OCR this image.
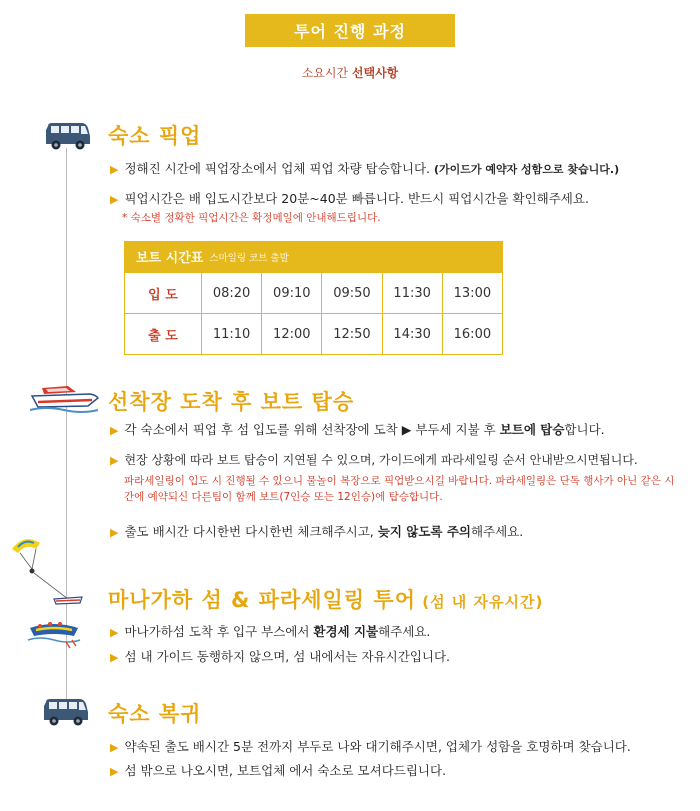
투어 진행 과정
소요시간 선택사항
숙소 픽업
▶ 정해진 시간에 픽업장소에서 업체 픽업 차량 탑승합니다. (가이드가 예약자 성함으로 찾습니다.)
▶ 픽업시간은 배 입도시간보다 20분~40분 빠릅니다. 반드시 픽업시간을 확인해주세요.
* 숙소별 정확한 픽업시간은 확정메일에 안내해드립니다.
보트 시간표 스마일링 코브 출발
입 도	08:20	09:10	09:50	11:30	13:00
출 도	11:10	12:00	12:50	14:30	16:00
선착장 도착 후 보트 탑승
▶ 각 숙소에서 픽업 후 섬 입도를 위해 선착장에 도착 ▶ 부두세 지불 후 보트에 탑승합니다.
▶ 현장 상황에 따라 보트 탑승이 지연될 수 있으며, 가이드에게 파라세일링 순서 안내받으시면됩니다.
파라세일링이 입도 시 진행될 수 있으니 물놀이 복장으로 픽업받으시길 바랍니다. 파라세일링은 단독 행사가 아닌 같은 시간에 예약되신 다른팀이 함께 보트(7인승 또는 12인승)에 탑승합니다.
▶ 출도 배시간 다시한번 다시한번 체크해주시고, 늦지 않도록 주의해주세요.
마나가하 섬 & 파라세일링 투어 (섬 내 자유시간)
▶ 마나가하섬 도착 후 입구 부스에서 환경세 지불해주세요.
▶ 섬 내 가이드 동행하지 않으며, 섬 내에서는 자유시간입니다.
숙소 복귀
▶ 약속된 출도 배시간 5분 전까지 부두로 나와 대기해주시면, 업체가 성함을 호명하며 찾습니다.
▶ 섬 밖으로 나오시면, 보트업체 에서 숙소로 모셔다드립니다.
